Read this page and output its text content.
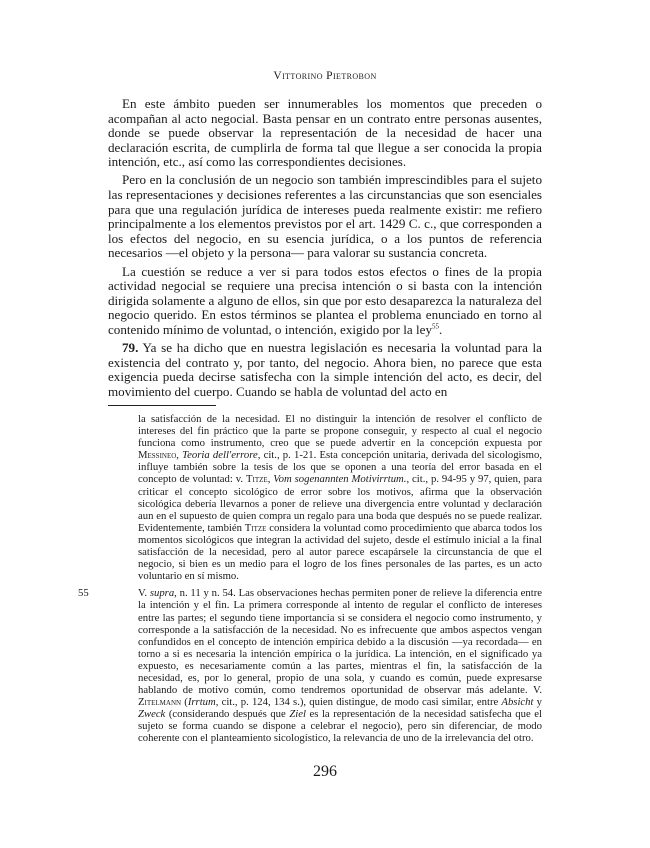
Vittorino Pietrobon

En este ámbito pueden ser innumerables los momentos que preceden o acompañan al acto negocial. Basta pensar en un contrato entre personas ausentes, donde se puede observar la representación de la necesidad de hacer una declaración escrita, de cumplirla de forma tal que llegue a ser conocida la propia intención, etc., así como las correspondientes decisiones.

Pero en la conclusión de un negocio son también imprescindibles para el sujeto las representaciones y decisiones referentes a las circunstancias que son esenciales para que una regulación jurídica de intereses pueda realmente existir: me refiero principalmente a los elementos previstos por el art. 1429 C. c., que corresponden a los efectos del negocio, en su esencia jurídica, o a los puntos de referencia necesarios —el objeto y la persona— para valorar su sustancia concreta.

La cuestión se reduce a ver si para todos estos efectos o fines de la propia actividad negocial se requiere una precisa intención o si basta con la intención dirigida solamente a alguno de ellos, sin que por esto desaparezca la naturaleza del negocio querido. En estos términos se plantea el problema enunciado en torno al contenido mínimo de voluntad, o intención, exigido por la ley$^{55}$.

79. Ya se ha dicho que en nuestra legislación es necesaria la voluntad para la existencia del contrato y, por tanto, del negocio. Ahora bien, no parece que esta exigencia pueda decirse satisfecha con la simple intención del acto, es decir, del movimiento del cuerpo. Cuando se habla de voluntad del acto en

la satisfacción de la necesidad. El no distinguir la intención de resolver el conflicto de intereses del fin práctico que la parte se propone conseguir, y respecto al cual el negocio funciona como instrumento, creo que se puede advertir en la concepción expuesta por Messineo, Teoria dell'errore, cit., p. 1-21. Esta concepción unitaria, derivada del sicologismo, influye también sobre la tesis de los que se oponen a una teoría del error basada en el concepto de voluntad: v. Titze, Vom sogenannten Motivirrtum., cit., p. 94-95 y 97, quien, para criticar el concepto sicológico de error sobre los motivos, afirma que la observación sicológica debería llevarnos a poner de relieve una divergencia entre voluntad y declaración aun en el supuesto de quien compra un regalo para una boda que después no se puede realizar. Evidentemente, también Titze considera la voluntad como procedimiento que abarca todos los momentos sicológicos que integran la actividad del sujeto, desde el estímulo inicial a la final satisfacción de la necesidad, pero al autor parece escapársele la circunstancia de que el negocio, si bien es un medio para el logro de los fines personales de las partes, es un acto voluntario en sí mismo.
55	V. supra, n. 11 y n. 54. Las observaciones hechas permiten poner de relieve la diferencia entre la intención y el fin. La primera corresponde al intento de regular el conflicto de intereses entre las partes; el segundo tiene importancia si se considera el negocio como instrumento, y corresponde a la satisfacción de la necesidad. No es infrecuente que ambos aspectos vengan confundidos en el concepto de intención empírica debido a la discusión —ya recordada— en torno a si es necesaria la intención empírica o la jurídica. La intención, en el significado ya expuesto, es necesariamente común a las partes, mientras el fin, la satisfacción de la necesidad, es, por lo general, propio de una sola, y cuando es común, puede expresarse hablando de motivo común, como tendremos oportunidad de observar más adelante. V. Zitelmann (Irrtum, cit., p. 124, 134 s.), quien distingue, de modo casi similar, entre Absicht y Zweck (considerando después que Ziel es la representación de la necesidad satisfecha que el sujeto se forma cuando se dispone a celebrar el negocio), pero sin diferenciar, de modo coherente con el planteamiento sicologístico, la relevancia de uno de la irrelevancia del otro.
296
